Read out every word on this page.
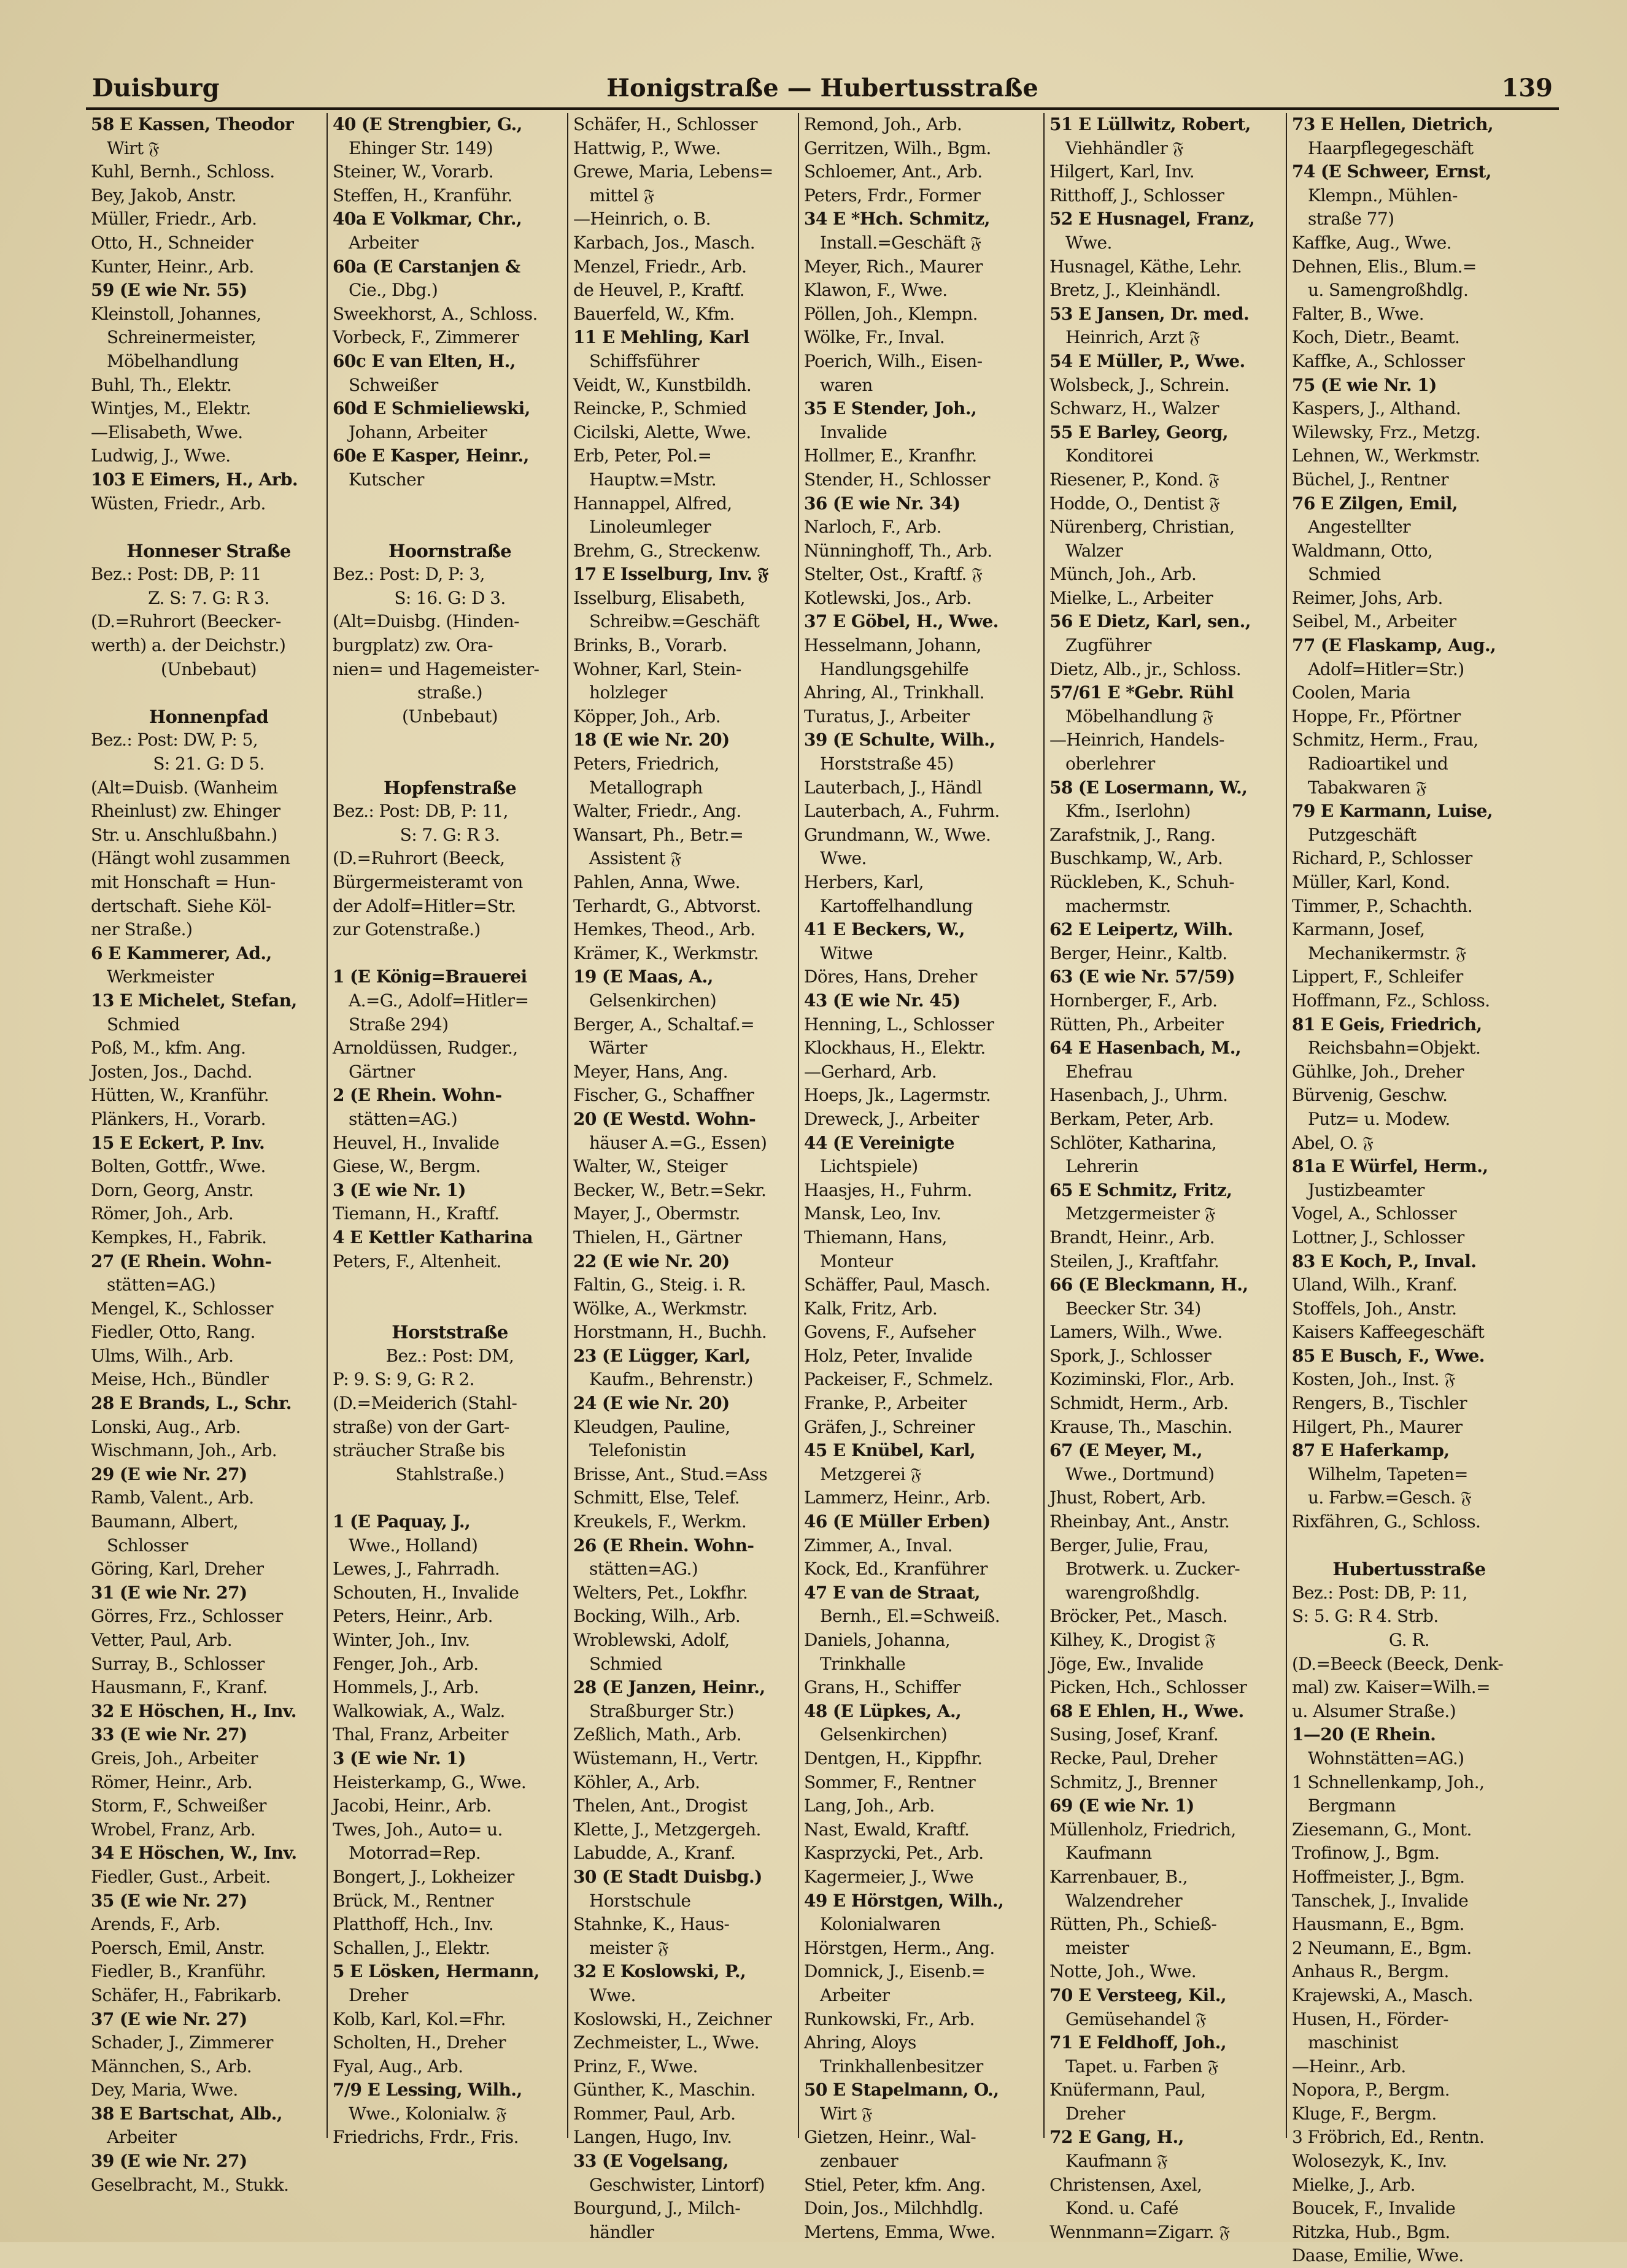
Duisburg	Honigstraße — Hubertusstraße	139
58 E Kassen, Theodor
Wirt 𝔉
Kuhl, Bernh., Schloss.
Bey, Jakob, Anstr.
Müller, Friedr., Arb.
Otto, H., Schneider
Kunter, Heinr., Arb.
59 (E wie Nr. 55)
Kleinstoll, Johannes,
Schreinermeister,
Möbelhandlung
Buhl, Th., Elektr.
Wintjes, M., Elektr.
—Elisabeth, Wwe.
Ludwig, J., Wwe.
103 E Eimers, H., Arb.
Wüsten, Friedr., Arb.
Honneser Straße
Bez.: Post: DB, P: 11
Z. S: 7. G: R 3.
(D.=Ruhrort (Beecker-
werth) a. der Deichstr.)
(Unbebaut)
Honnenpfad
Bez.: Post: DW, P: 5,
S: 21. G: D 5.
(Alt=Duisb. (Wanheim
Rheinlust) zw. Ehinger
Str. u. Anschlußbahn.)
(Hängt wohl zusammen
mit Honschaft = Hun-
dertschaft. Siehe Köl-
ner Straße.)
6 E Kammerer, Ad.,
Werkmeister
13 E Michelet, Stefan,
Schmied
Poß, M., kfm. Ang.
Josten, Jos., Dachd.
Hütten, W., Kranführ.
Plänkers, H., Vorarb.
15 E Eckert, P. Inv.
Bolten, Gottfr., Wwe.
Dorn, Georg, Anstr.
Römer, Joh., Arb.
Kempkes, H., Fabrik.
27 (E Rhein. Wohn-
stätten=AG.)
Mengel, K., Schlosser
Fiedler, Otto, Rang.
Ulms, Wilh., Arb.
Meise, Hch., Bündler
28 E Brands, L., Schr.
Lonski, Aug., Arb.
Wischmann, Joh., Arb.
29 (E wie Nr. 27)
Ramb, Valent., Arb.
Baumann, Albert,
Schlosser
Göring, Karl, Dreher
31 (E wie Nr. 27)
Görres, Frz., Schlosser
Vetter, Paul, Arb.
Surray, B., Schlosser
Hausmann, F., Kranf.
32 E Höschen, H., Inv.
33 (E wie Nr. 27)
Greis, Joh., Arbeiter
Römer, Heinr., Arb.
Storm, F., Schweißer
Wrobel, Franz, Arb.
34 E Höschen, W., Inv.
Fiedler, Gust., Arbeit.
35 (E wie Nr. 27)
Arends, F., Arb.
Poersch, Emil, Anstr.
Fiedler, B., Kranführ.
Schäfer, H., Fabrikarb.
37 (E wie Nr. 27)
Schader, J., Zimmerer
Männchen, S., Arb.
Dey, Maria, Wwe.
38 E Bartschat, Alb.,
Arbeiter
39 (E wie Nr. 27)
Geselbracht, M., Stukk.
40 (E Strengbier, G.,
Ehinger Str. 149)
Steiner, W., Vorarb.
Steffen, H., Kranführ.
40a E Volkmar, Chr.,
Arbeiter
60a (E Carstanjen &
Cie., Dbg.)
Sweekhorst, A., Schloss.
Vorbeck, F., Zimmerer
60c E van Elten, H.,
Schweißer
60d E Schmieliewski,
Johann, Arbeiter
60e E Kasper, Heinr.,
Kutscher
Hoornstraße
Bez.: Post: D, P: 3,
S: 16. G: D 3.
(Alt=Duisbg. (Hinden-
burgplatz) zw. Ora-
nien= und Hagemeister-
straße.)
(Unbebaut)
Hopfenstraße
Bez.: Post: DB, P: 11,
S: 7. G: R 3.
(D.=Ruhrort (Beeck,
Bürgermeisteramt von
der Adolf=Hitler=Str.
zur Gotenstraße.)
1 (E König=Brauerei
A.=G., Adolf=Hitler=
Straße 294)
Arnoldüssen, Rudger.,
Gärtner
2 (E Rhein. Wohn-
stätten=AG.)
Heuvel, H., Invalide
Giese, W., Bergm.
3 (E wie Nr. 1)
Tiemann, H., Kraftf.
4 E Kettler Katharina
Peters, F., Altenheit.
Horststraße
Bez.: Post: DM,
P: 9. S: 9, G: R 2.
(D.=Meiderich (Stahl-
straße) von der Gart-
sträucher Straße bis
Stahlstraße.)
1 (E Paquay, J.,
Wwe., Holland)
Lewes, J., Fahrradh.
Schouten, H., Invalide
Peters, Heinr., Arb.
Winter, Joh., Inv.
Fenger, Joh., Arb.
Hommels, J., Arb.
Walkowiak, A., Walz.
Thal, Franz, Arbeiter
3 (E wie Nr. 1)
Heisterkamp, G., Wwe.
Jacobi, Heinr., Arb.
Twes, Joh., Auto= u.
Motorrad=Rep.
Bongert, J., Lokheizer
Brück, M., Rentner
Platthoff, Hch., Inv.
Schallen, J., Elektr.
5 E Lösken, Hermann,
Dreher
Kolb, Karl, Kol.=Fhr.
Scholten, H., Dreher
Fyal, Aug., Arb.
7/9 E Lessing, Wilh.,
Wwe., Kolonialw. 𝔉
Friedrichs, Frdr., Fris.
Schäfer, H., Schlosser
Hattwig, P., Wwe.
Grewe, Maria, Lebens=
mittel 𝔉
—Heinrich, o. B.
Karbach, Jos., Masch.
Menzel, Friedr., Arb.
de Heuvel, P., Kraftf.
Bauerfeld, W., Kfm.
11 E Mehling, Karl
Schiffsführer
Veidt, W., Kunstbildh.
Reincke, P., Schmied
Cicilski, Alette, Wwe.
Erb, Peter, Pol.=
Hauptw.=Mstr.
Hannappel, Alfred,
Linoleumleger
Brehm, G., Streckenw.
17 E Isselburg, Inv. 𝔉
Isselburg, Elisabeth,
Schreibw.=Geschäft
Brinks, B., Vorarb.
Wohner, Karl, Stein-
holzleger
Köpper, Joh., Arb.
18 (E wie Nr. 20)
Peters, Friedrich,
Metallograph
Walter, Friedr., Ang.
Wansart, Ph., Betr.=
Assistent 𝔉
Pahlen, Anna, Wwe.
Terhardt, G., Abtvorst.
Hemkes, Theod., Arb.
Krämer, K., Werkmstr.
19 (E Maas, A.,
Gelsenkirchen)
Berger, A., Schaltaf.=
Wärter
Meyer, Hans, Ang.
Fischer, G., Schaffner
20 (E Westd. Wohn-
häuser A.=G., Essen)
Walter, W., Steiger
Becker, W., Betr.=Sekr.
Mayer, J., Obermstr.
Thielen, H., Gärtner
22 (E wie Nr. 20)
Faltin, G., Steig. i. R.
Wölke, A., Werkmstr.
Horstmann, H., Buchh.
23 (E Lügger, Karl,
Kaufm., Behrenstr.)
24 (E wie Nr. 20)
Kleudgen, Pauline,
Telefonistin
Brisse, Ant., Stud.=Ass
Schmitt, Else, Telef.
Kreukels, F., Werkm.
26 (E Rhein. Wohn-
stätten=AG.)
Welters, Pet., Lokfhr.
Bocking, Wilh., Arb.
Wroblewski, Adolf,
Schmied
28 (E Janzen, Heinr.,
Straßburger Str.)
Zeßlich, Math., Arb.
Wüstemann, H., Vertr.
Köhler, A., Arb.
Thelen, Ant., Drogist
Klette, J., Metzgergeh.
Labudde, A., Kranf.
30 (E Stadt Duisbg.)
Horstschule
Stahnke, K., Haus-
meister 𝔉
32 E Koslowski, P.,
Wwe.
Koslowski, H., Zeichner
Zechmeister, L., Wwe.
Prinz, F., Wwe.
Günther, K., Maschin.
Rommer, Paul, Arb.
Langen, Hugo, Inv.
33 (E Vogelsang,
Geschwister, Lintorf)
Bourgund, J., Milch-
händler
Remond, Joh., Arb.
Gerritzen, Wilh., Bgm.
Schloemer, Ant., Arb.
Peters, Frdr., Former
34 E *Hch. Schmitz,
Install.=Geschäft 𝔉
Meyer, Rich., Maurer
Klawon, F., Wwe.
Pöllen, Joh., Klempn.
Wölke, Fr., Inval.
Poerich, Wilh., Eisen-
waren
35 E Stender, Joh.,
Invalide
Hollmer, E., Kranfhr.
Stender, H., Schlosser
36 (E wie Nr. 34)
Narloch, F., Arb.
Nünninghoff, Th., Arb.
Stelter, Ost., Kraftf. 𝔉
Kotlewski, Jos., Arb.
37 E Göbel, H., Wwe.
Hesselmann, Johann,
Handlungsgehilfe
Ahring, Al., Trinkhall.
Turatus, J., Arbeiter
39 (E Schulte, Wilh.,
Horststraße 45)
Lauterbach, J., Händl
Lauterbach, A., Fuhrm.
Grundmann, W., Wwe.
Wwe.
Herbers, Karl,
Kartoffelhandlung
41 E Beckers, W.,
Witwe
Döres, Hans, Dreher
43 (E wie Nr. 45)
Henning, L., Schlosser
Klockhaus, H., Elektr.
—Gerhard, Arb.
Hoeps, Jk., Lagermstr.
Dreweck, J., Arbeiter
44 (E Vereinigte
Lichtspiele)
Haasjes, H., Fuhrm.
Mansk, Leo, Inv.
Thiemann, Hans,
Monteur
Schäffer, Paul, Masch.
Kalk, Fritz, Arb.
Govens, F., Aufseher
Holz, Peter, Invalide
Packeiser, F., Schmelz.
Franke, P., Arbeiter
Gräfen, J., Schreiner
45 E Knübel, Karl,
Metzgerei 𝔉
Lammerz, Heinr., Arb.
46 (E Müller Erben)
Zimmer, A., Inval.
Kock, Ed., Kranführer
47 E van de Straat,
Bernh., El.=Schweiß.
Daniels, Johanna,
Trinkhalle
Grans, H., Schiffer
48 (E Lüpkes, A.,
Gelsenkirchen)
Dentgen, H., Kippfhr.
Sommer, F., Rentner
Lang, Joh., Arb.
Nast, Ewald, Kraftf.
Kasprzycki, Pet., Arb.
Kagermeier, J., Wwe
49 E Hörstgen, Wilh.,
Kolonialwaren
Hörstgen, Herm., Ang.
Domnick, J., Eisenb.=
Arbeiter
Runkowski, Fr., Arb.
Ahring, Aloys
Trinkhallenbesitzer
50 E Stapelmann, O.,
Wirt 𝔉
Gietzen, Heinr., Wal-
zenbauer
Stiel, Peter, kfm. Ang.
Doin, Jos., Milchhdlg.
Mertens, Emma, Wwe.
51 E Lüllwitz, Robert,
Viehhändler 𝔉
Hilgert, Karl, Inv.
Ritthoff, J., Schlosser
52 E Husnagel, Franz,
Wwe.
Husnagel, Käthe, Lehr.
Bretz, J., Kleinhändl.
53 E Jansen, Dr. med.
Heinrich, Arzt 𝔉
54 E Müller, P., Wwe.
Wolsbeck, J., Schrein.
Schwarz, H., Walzer
55 E Barley, Georg,
Konditorei
Riesener, P., Kond. 𝔉
Hodde, O., Dentist 𝔉
Nürenberg, Christian,
Walzer
Münch, Joh., Arb.
Mielke, L., Arbeiter
56 E Dietz, Karl, sen.,
Zugführer
Dietz, Alb., jr., Schloss.
57/61 E *Gebr. Rühl
Möbelhandlung 𝔉
—Heinrich, Handels-
oberlehrer
58 (E Losermann, W.,
Kfm., Iserlohn)
Zarafstnik, J., Rang.
Buschkamp, W., Arb.
Rückleben, K., Schuh-
machermstr.
62 E Leipertz, Wilh.
Berger, Heinr., Kaltb.
63 (E wie Nr. 57/59)
Hornberger, F., Arb.
Rütten, Ph., Arbeiter
64 E Hasenbach, M.,
Ehefrau
Hasenbach, J., Uhrm.
Berkam, Peter, Arb.
Schlöter, Katharina,
Lehrerin
65 E Schmitz, Fritz,
Metzgermeister 𝔉
Brandt, Heinr., Arb.
Steilen, J., Kraftfahr.
66 (E Bleckmann, H.,
Beecker Str. 34)
Lamers, Wilh., Wwe.
Spork, J., Schlosser
Koziminski, Flor., Arb.
Schmidt, Herm., Arb.
Krause, Th., Maschin.
67 (E Meyer, M.,
Wwe., Dortmund)
Jhust, Robert, Arb.
Rheinbay, Ant., Anstr.
Berger, Julie, Frau,
Brotwerk. u. Zucker-
warengroßhdlg.
Bröcker, Pet., Masch.
Kilhey, K., Drogist 𝔉
Jöge, Ew., Invalide
Picken, Hch., Schlosser
68 E Ehlen, H., Wwe.
Susing, Josef, Kranf.
Recke, Paul, Dreher
Schmitz, J., Brenner
69 (E wie Nr. 1)
Müllenholz, Friedrich,
Kaufmann
Karrenbauer, B.,
Walzendreher
Rütten, Ph., Schieß-
meister
Notte, Joh., Wwe.
70 E Versteeg, Kil.,
Gemüsehandel 𝔉
71 E Feldhoff, Joh.,
Tapet. u. Farben 𝔉
Knüfermann, Paul,
Dreher
72 E Gang, H.,
Kaufmann 𝔉
Christensen, Axel,
Kond. u. Café
Wennmann=Zigarr. 𝔉
73 E Hellen, Dietrich,
Haarpflegegeschäft
74 (E Schweer, Ernst,
Klempn., Mühlen-
straße 77)
Kaffke, Aug., Wwe.
Dehnen, Elis., Blum.=
u. Samengroßhdlg.
Falter, B., Wwe.
Koch, Dietr., Beamt.
Kaffke, A., Schlosser
75 (E wie Nr. 1)
Kaspers, J., Althand.
Wilewsky, Frz., Metzg.
Lehnen, W., Werkmstr.
Büchel, J., Rentner
76 E Zilgen, Emil,
Angestellter
Waldmann, Otto,
Schmied
Reimer, Johs, Arb.
Seibel, M., Arbeiter
77 (E Flaskamp, Aug.,
Adolf=Hitler=Str.)
Coolen, Maria
Hoppe, Fr., Pförtner
Schmitz, Herm., Frau,
Radioartikel und
Tabakwaren 𝔉
79 E Karmann, Luise,
Putzgeschäft
Richard, P., Schlosser
Müller, Karl, Kond.
Timmer, P., Schachth.
Karmann, Josef,
Mechanikermstr. 𝔉
Lippert, F., Schleifer
Hoffmann, Fz., Schloss.
81 E Geis, Friedrich,
Reichsbahn=Objekt.
Gühlke, Joh., Dreher
Bürvenig, Geschw.
Putz= u. Modew.
Abel, O. 𝔉
81a E Würfel, Herm.,
Justizbeamter
Vogel, A., Schlosser
Lottner, J., Schlosser
83 E Koch, P., Inval.
Uland, Wilh., Kranf.
Stoffels, Joh., Anstr.
Kaisers Kaffeegeschäft
85 E Busch, F., Wwe.
Kosten, Joh., Inst. 𝔉
Rengers, B., Tischler
Hilgert, Ph., Maurer
87 E Haferkamp,
Wilhelm, Tapeten=
u. Farbw.=Gesch. 𝔉
Rixfähren, G., Schloss.
Hubertusstraße
Bez.: Post: DB, P: 11,
S: 5. G: R 4. Strb.
G. R.
(D.=Beeck (Beeck, Denk-
mal) zw. Kaiser=Wilh.=
u. Alsumer Straße.)
1—20 (E Rhein.
Wohnstätten=AG.)
1 Schnellenkamp, Joh.,
Bergmann
Ziesemann, G., Mont.
Trofinow, J., Bgm.
Hoffmeister, J., Bgm.
Tanschek, J., Invalide
Hausmann, E., Bgm.
2 Neumann, E., Bgm.
Anhaus R., Bergm.
Krajewski, A., Masch.
Husen, H., Förder-
maschinist
—Heinr., Arb.
Nopora, P., Bergm.
Kluge, F., Bergm.
3 Fröbrich, Ed., Rentn.
Wolosezyk, K., Inv.
Mielke, J., Arb.
Boucek, F., Invalide
Ritzka, Hub., Bgm.
Daase, Emilie, Wwe.
